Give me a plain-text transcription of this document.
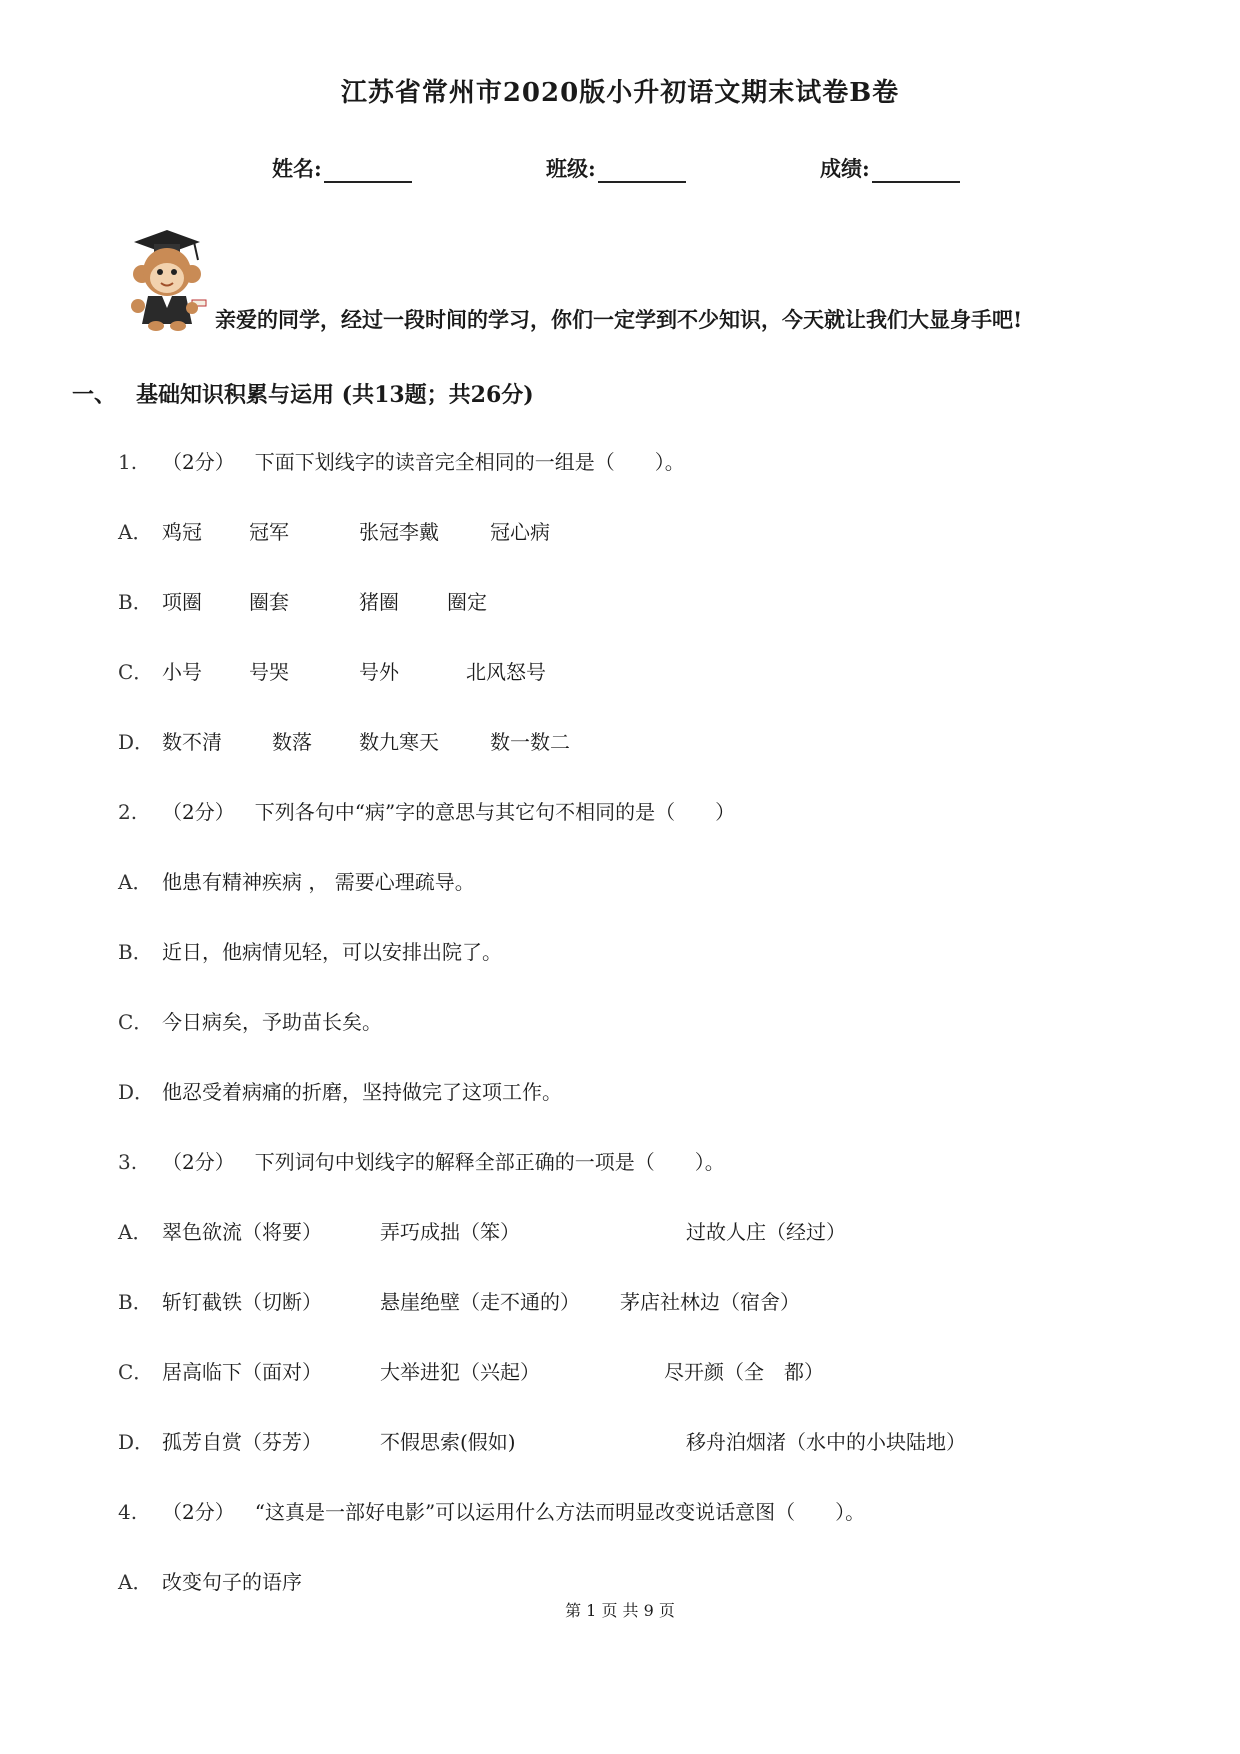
江苏省常州市2020版小升初语文期末试卷B卷
姓名:	班级:	成绩:
亲爱的同学，经过一段时间的学习，你们一定学到不少知识，今天就让我们大显身手吧!
一、 基础知识积累与运用 (共13题；共26分)
1. （2分） 下面下划线字的读音完全相同的一组是（　　）。
A． 鸡冠 冠军	张冠李戴	冠心病
B． 项圈 圈套	猪圈 圈定
C． 小号 号哭	号外	北风怒号
D． 数不清	数落 数九寒天	数一数二
2. （2分） 下列各句中“病”字的意思与其它句不相同的是（　　）
A． 他患有精神疾病 ， 需要心理疏导。
B． 近日，他病情见轻，可以安排出院了。
C． 今日病矣，予助苗长矣。
D． 他忍受着病痛的折磨，坚持做完了这项工作。
3. （2分） 下列词句中划线字的解释全部正确的一项是（　　）。
A． 翠色欲流（将要）	弄巧成拙（笨）	过故人庄（经过）
B． 斩钉截铁（切断）	悬崖绝壁（走不通的） 茅店社林边（宿舍）
C． 居高临下（面对）	大举进犯（兴起）	尽开颜（全　都）
D． 孤芳自赏（芬芳）	不假思索(假如)	移舟泊烟渚（水中的小块陆地）
4. （2分） “这真是一部好电影”可以运用什么方法而明显改变说话意图（　　）。
A． 改变句子的语序
第 1 页 共 9 页
